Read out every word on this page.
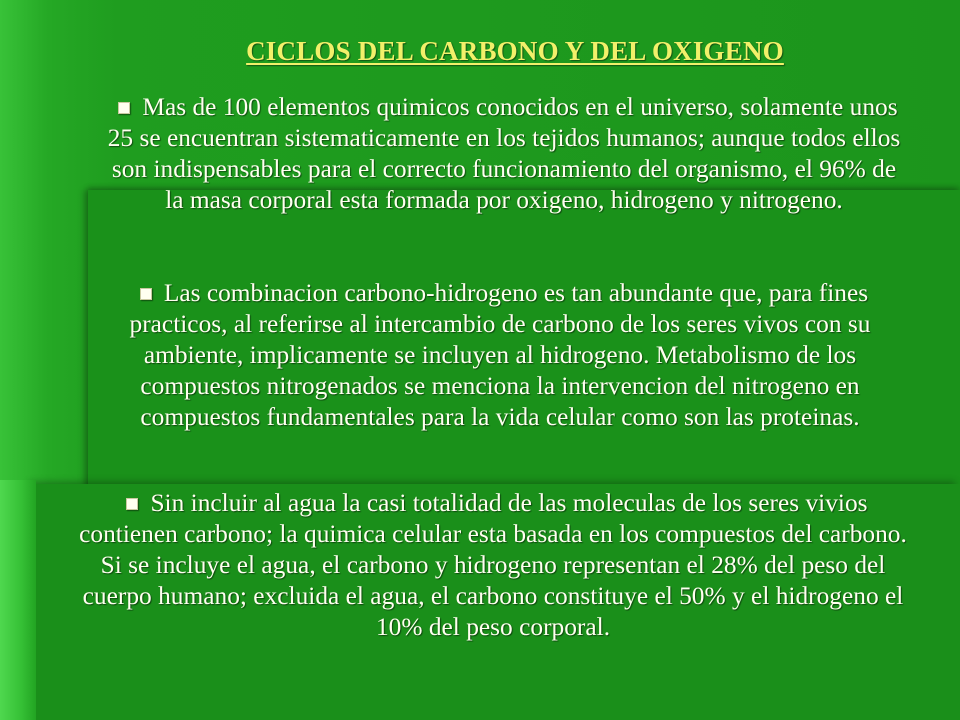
CICLOS DEL CARBONO Y DEL OXIGENO

Mas de 100 elementos quimicos conocidos en el universo, solamente unos 25 se encuentran sistematicamente en los tejidos humanos; aunque todos ellos son indispensables para el correcto funcionamiento del organismo, el 96% de la masa corporal esta formada por oxigeno, hidrogeno y nitrogeno.

Las combinacion carbono-hidrogeno es tan abundante que, para fines practicos, al referirse al intercambio de carbono de los seres vivos con su ambiente, implicamente se incluyen al hidrogeno. Metabolismo de los compuestos nitrogenados se menciona la intervencion del nitrogeno en compuestos fundamentales para la vida celular como son las proteinas.

Sin incluir al agua la casi totalidad de las moleculas de los seres vivios contienen carbono; la quimica celular esta basada en los compuestos del carbono. Si se incluye el agua, el carbono y hidrogeno representan el 28% del peso del cuerpo humano; excluida el agua, el carbono constituye el 50% y el hidrogeno el 10% del peso corporal.
